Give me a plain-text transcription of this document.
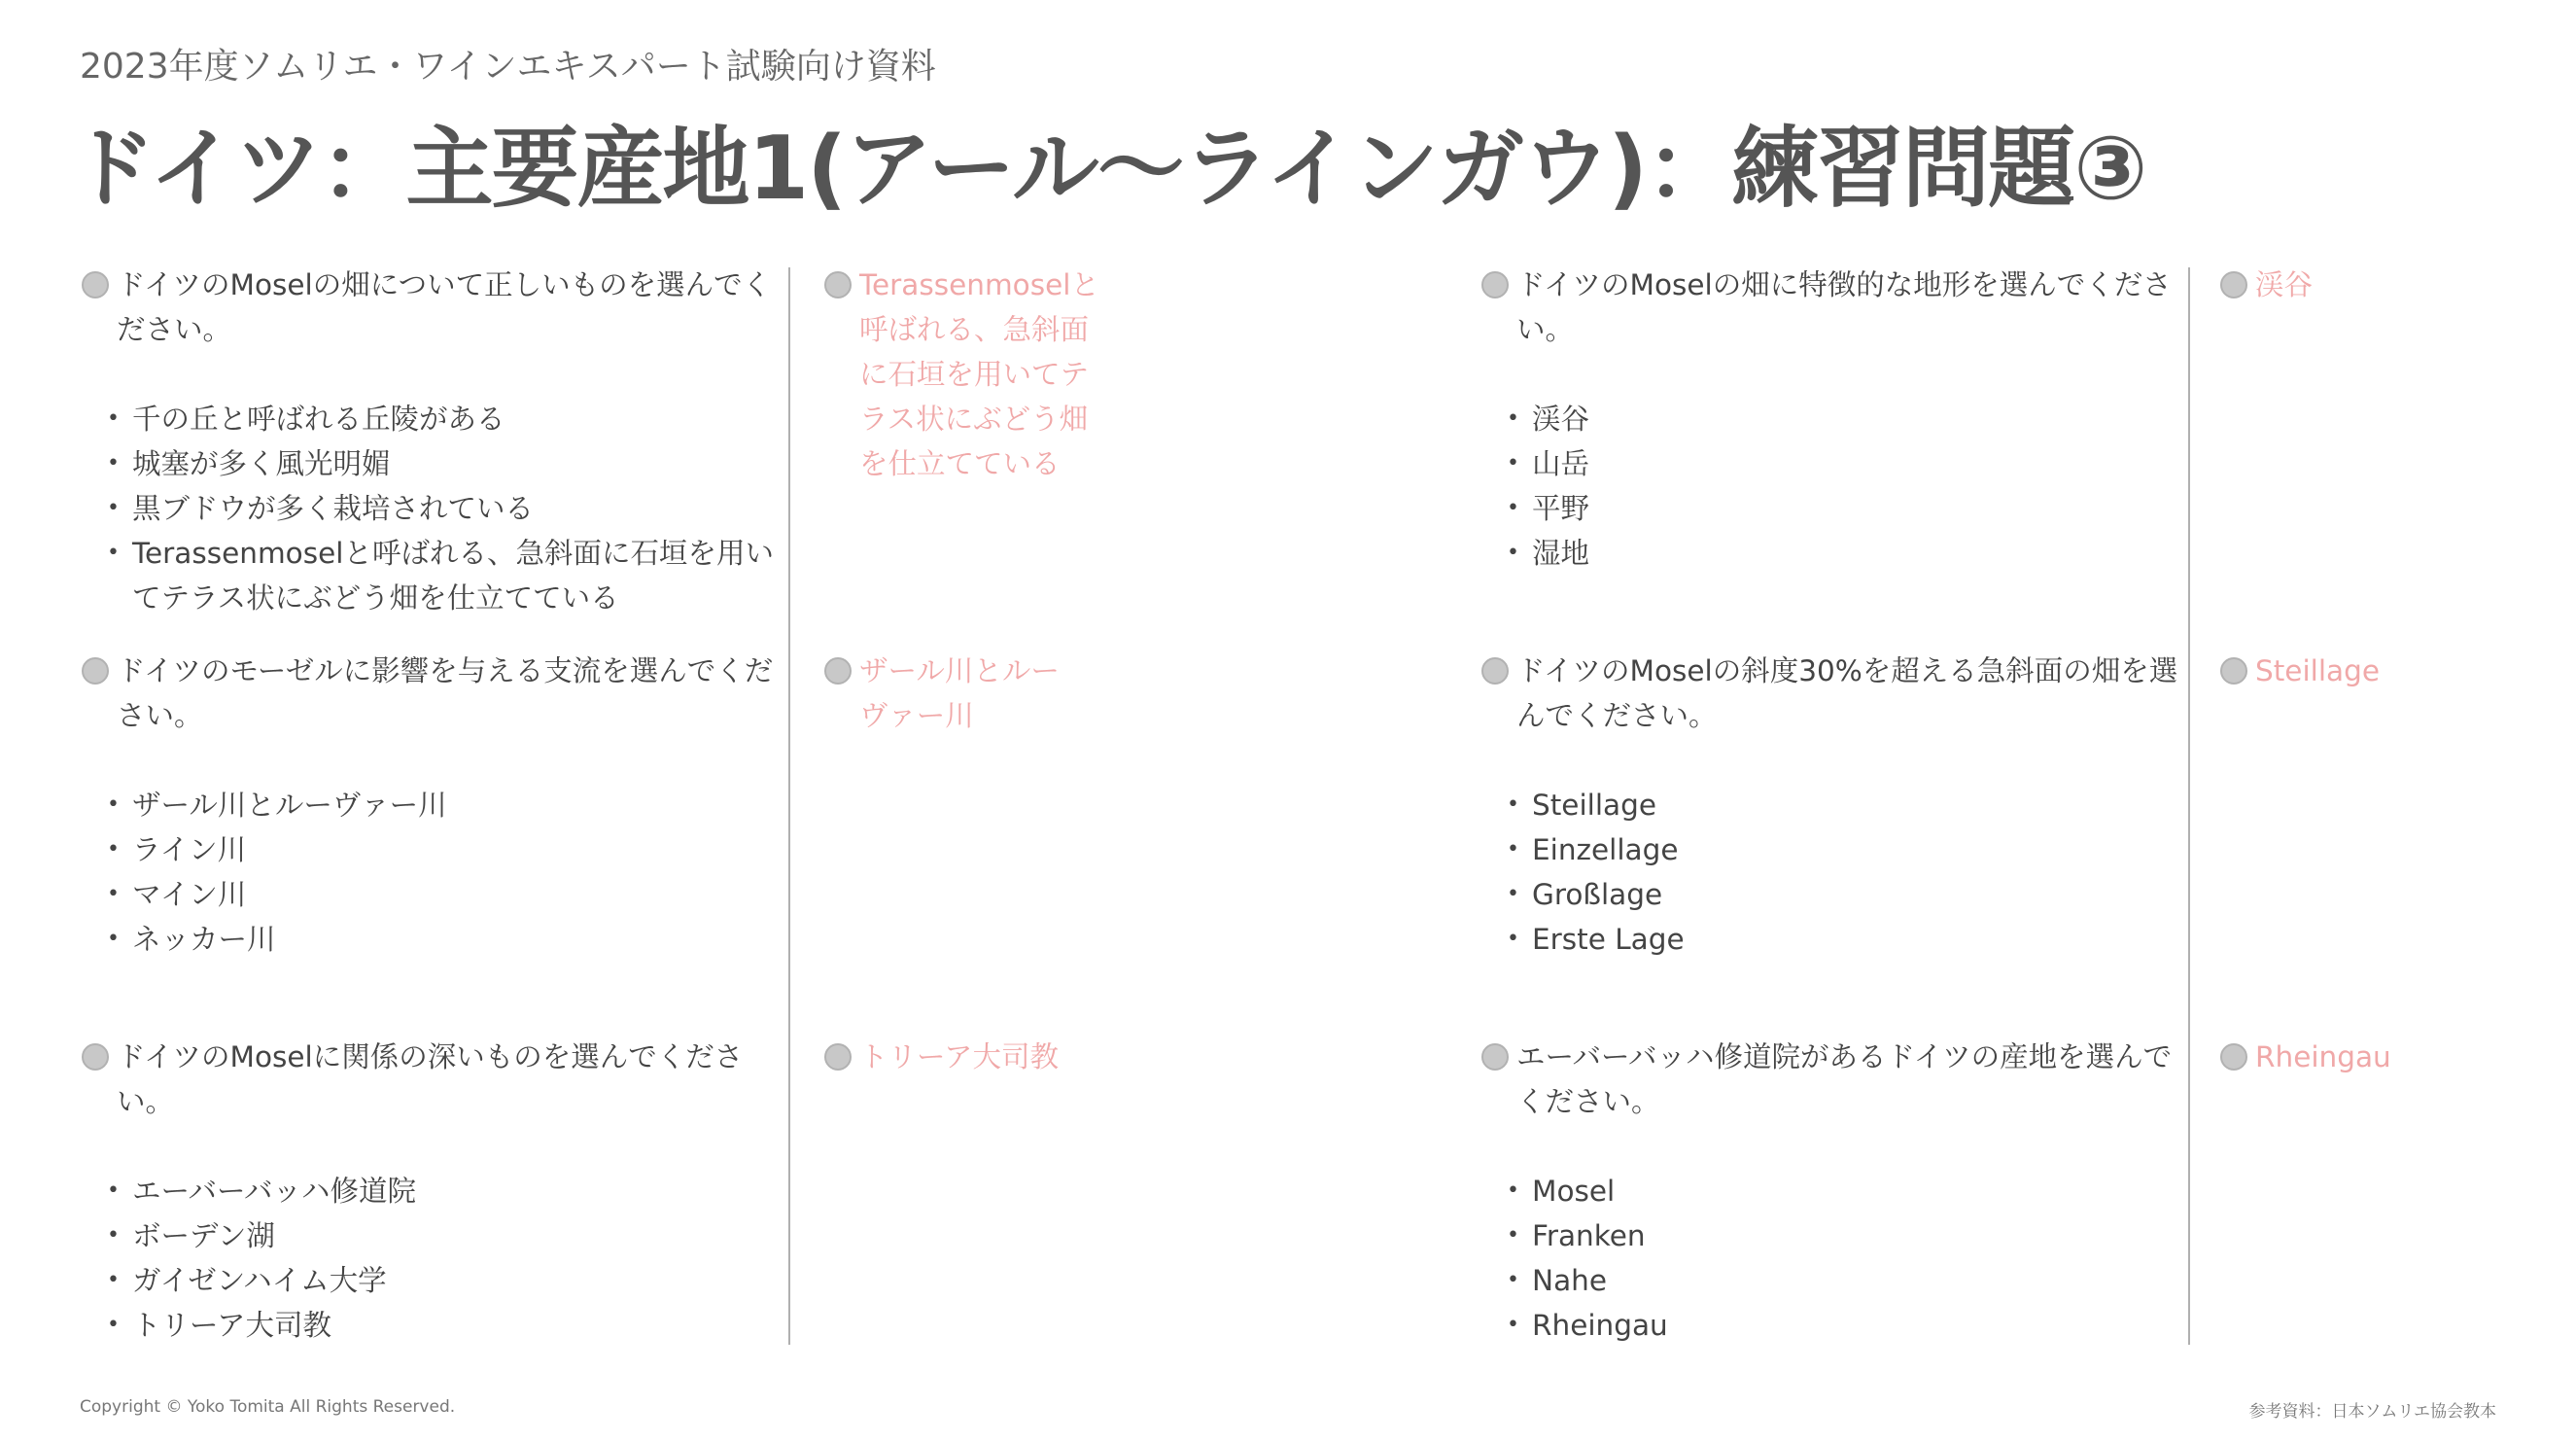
2023年度ソムリエ・ワインエキスパート試験向け資料
ドイツ：主要産地1(アール〜ラインガウ)：練習問題③
ドイツのMoselの畑について正しいものを選んでください。
• 千の丘と呼ばれる丘陵がある
• 城塞が多く風光明媚
• 黒ブドウが多く栽培されている
• Terassenmoselと呼ばれる、急斜面に石垣を用いてテラス状にぶどう畑を仕立てている
Terassenmoselと呼ばれる、急斜面に石垣を用いてテラス状にぶどう畑を仕立てている
ドイツのモーゼルに影響を与える支流を選んでください。
• ザール川とルーヴァー川
• ライン川
• マイン川
• ネッカー川
ザール川とルーヴァー川
ドイツのMoselに関係の深いものを選んでください。
• エーバーバッハ修道院
• ボーデン湖
• ガイゼンハイム大学
• トリーア大司教
トリーア大司教
ドイツのMoselの畑に特徴的な地形を選んでください。
• 渓谷
• 山岳
• 平野
• 湿地
渓谷
ドイツのMoselの斜度30%を超える急斜面の畑を選んでください。
• Steillage
• Einzellage
• Großlage
• Erste Lage
Steillage
エーバーバッハ修道院があるドイツの産地を選んでください。
• Mosel
• Franken
• Nahe
• Rheingau
Rheingau
Copyright © Yoko Tomita All Rights Reserved.	参考資料：日本ソムリエ協会教本
